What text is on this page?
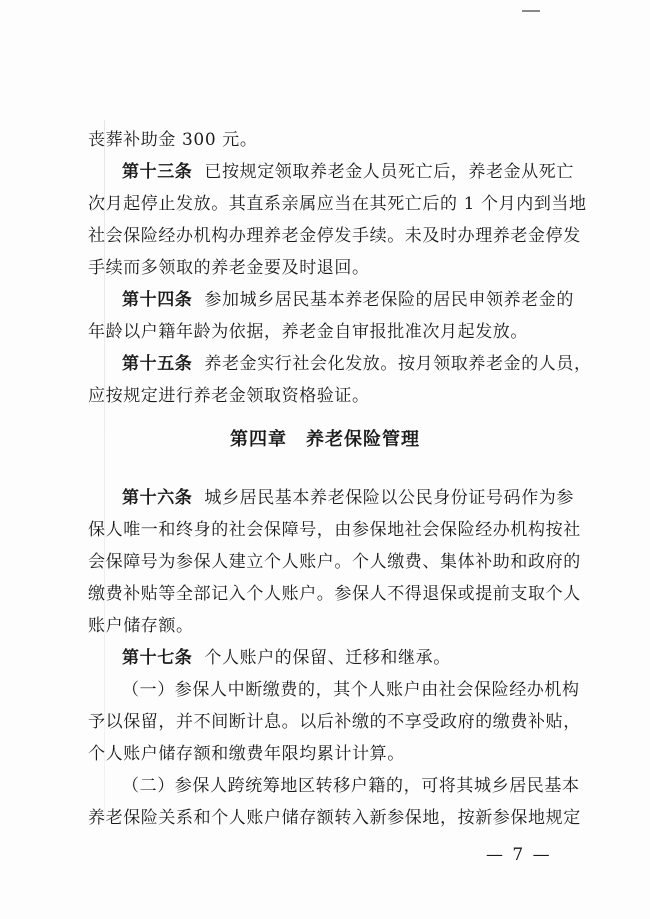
丧葬补助金 300 元。
第十三条 已按规定领取养老金人员死亡后，养老金从死亡
次月起停止发放。其直系亲属应当在其死亡后的 1 个月内到当地
社会保险经办机构办理养老金停发手续。未及时办理养老金停发
手续而多领取的养老金要及时退回。
第十四条 参加城乡居民基本养老保险的居民申领养老金的
年龄以户籍年龄为依据，养老金自审报批准次月起发放。
第十五条 养老金实行社会化发放。按月领取养老金的人员，
应按规定进行养老金领取资格验证。
第四章　养老保险管理
第十六条 城乡居民基本养老保险以公民身份证号码作为参
保人唯一和终身的社会保障号，由参保地社会保险经办机构按社
会保障号为参保人建立个人账户。个人缴费、集体补助和政府的
缴费补贴等全部记入个人账户。参保人不得退保或提前支取个人
账户储存额。
第十七条 个人账户的保留、迁移和继承。
（一）参保人中断缴费的，其个人账户由社会保险经办机构
予以保留，并不间断计息。以后补缴的不享受政府的缴费补贴，
个人账户储存额和缴费年限均累计计算。
（二）参保人跨统筹地区转移户籍的，可将其城乡居民基本
养老保险关系和个人账户储存额转入新参保地，按新参保地规定
— 7 —
